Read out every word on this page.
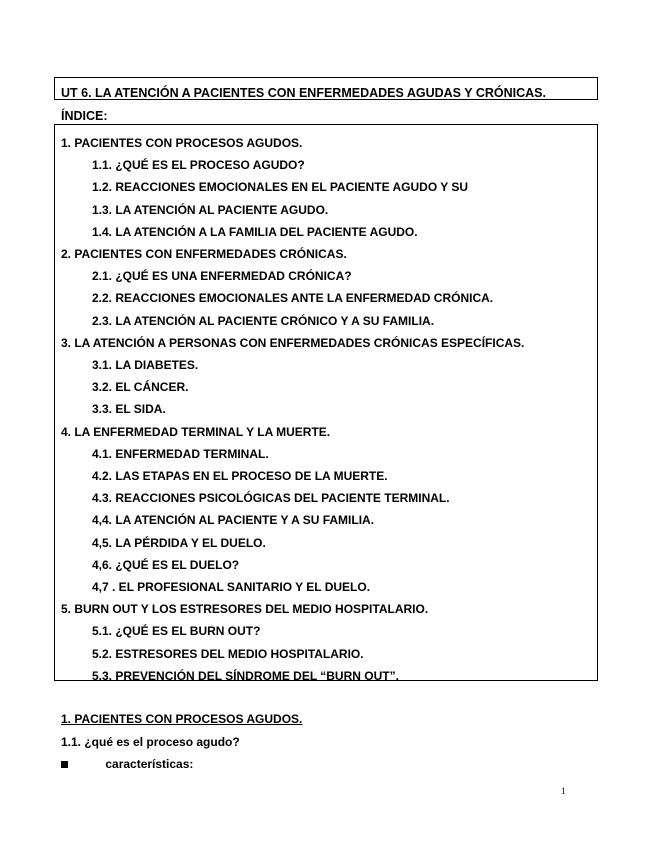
UT 6. LA ATENCIÓN A PACIENTES CON ENFERMEDADES AGUDAS Y CRÓNICAS.
ÍNDICE:
1. PACIENTES CON PROCESOS AGUDOS.
1.1. ¿QUÉ ES EL PROCESO AGUDO?
1.2. REACCIONES EMOCIONALES EN EL PACIENTE AGUDO Y SU
1.3. LA ATENCIÓN AL PACIENTE AGUDO.
1.4. LA ATENCIÓN A LA FAMILIA DEL PACIENTE AGUDO.
2. PACIENTES CON ENFERMEDADES CRÓNICAS.
2.1. ¿QUÉ ES UNA ENFERMEDAD CRÓNICA?
2.2. REACCIONES EMOCIONALES ANTE LA ENFERMEDAD CRÓNICA.
2.3. LA ATENCIÓN AL PACIENTE CRÓNICO Y A SU FAMILIA.
3. LA ATENCIÓN A PERSONAS CON ENFERMEDADES CRÓNICAS ESPECÍFICAS.
3.1. LA DIABETES.
3.2. EL CÁNCER.
3.3. EL SIDA.
4. LA ENFERMEDAD TERMINAL Y LA MUERTE.
4.1. ENFERMEDAD TERMINAL.
4.2. LAS ETAPAS EN EL PROCESO DE LA MUERTE.
4.3. REACCIONES PSICOLÓGICAS DEL PACIENTE TERMINAL.
4,4. LA ATENCIÓN AL PACIENTE Y A SU FAMILIA.
4,5. LA PÉRDIDA Y EL DUELO.
4,6. ¿QUÉ ES EL DUELO?
4,7 . EL PROFESIONAL SANITARIO Y EL DUELO.
5. BURN OUT Y LOS ESTRESORES DEL MEDIO HOSPITALARIO.
5.1. ¿QUÉ ES EL BURN OUT?
5.2. ESTRESORES DEL MEDIO HOSPITALARIO.
5.3. PREVENCIÓN DEL SÍNDROME DEL “BURN OUT”.
1. PACIENTES CON PROCESOS AGUDOS.
1.1. ¿qué es el proceso agudo?
características:
1
